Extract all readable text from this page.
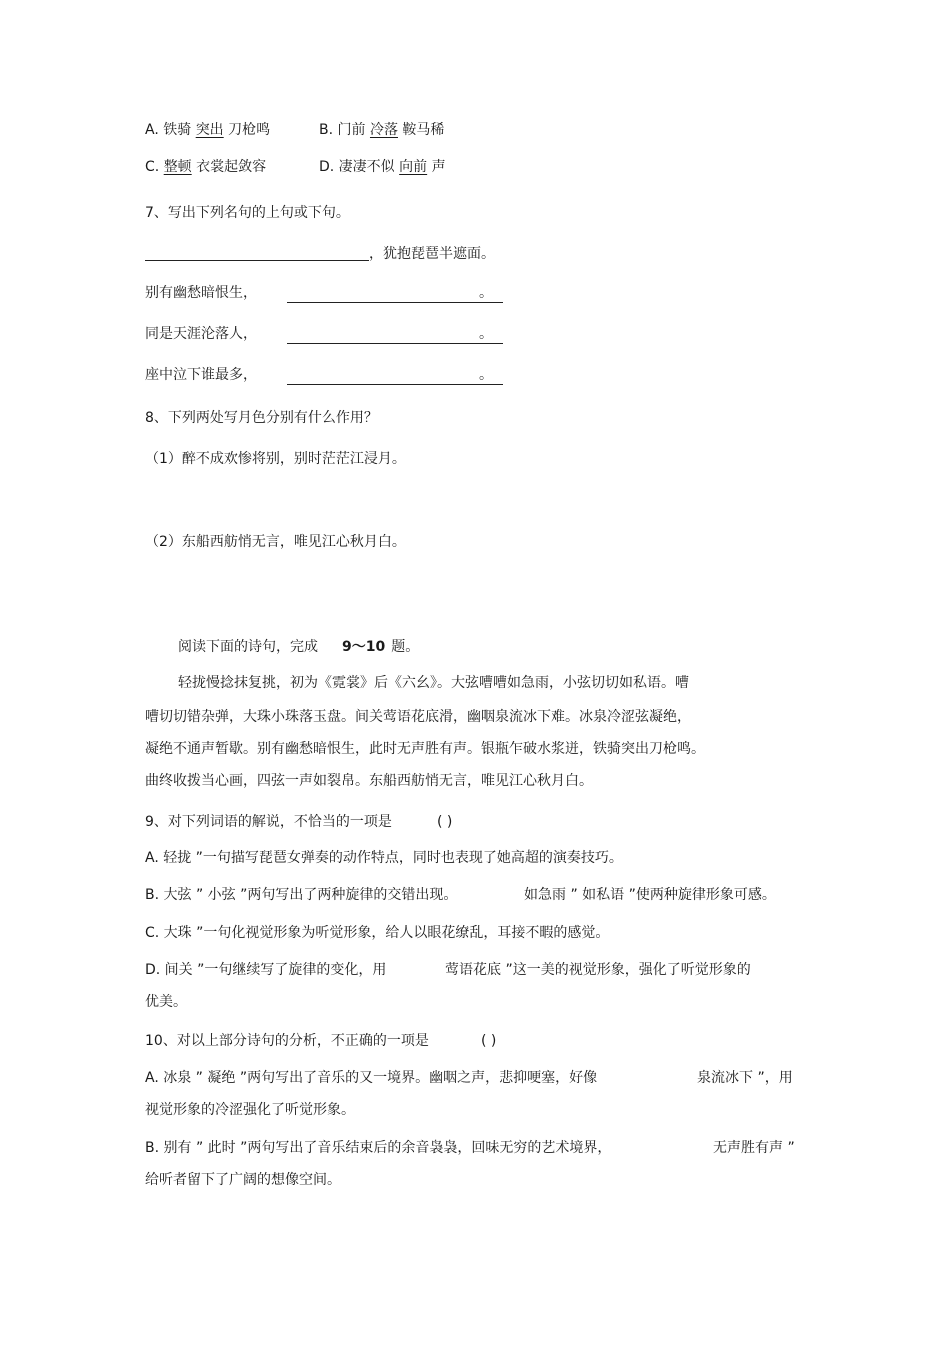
A. 铁骑 突出 刀枪鸣	B. 门前 冷落 鞍马稀
C. 整顿 衣裳起敛容	D. 凄凄不似 向前 声
7、写出下列名句的上句或下句。
，犹抱琵琶半遮面。
别有幽愁暗恨生，	。
同是天涯沦落人，	。
座中泣下谁最多，	。
8、下列两处写月色分别有什么作用？
（1）醉不成欢惨将别，别时茫茫江浸月。
（2）东船西舫悄无言，唯见江心秋月白。
阅读下面的诗句，完成 9～10 题。
轻拢慢捻抹复挑，初为《霓裳》后《六幺》。大弦嘈嘈如急雨，小弦切切如私语。嘈
嘈切切错杂弹，大珠小珠落玉盘。间关莺语花底滑，幽咽泉流冰下难。冰泉冷涩弦凝绝，
凝绝不通声暂歇。别有幽愁暗恨生，此时无声胜有声。银瓶乍破水浆迸，铁骑突出刀枪鸣。
曲终收拨当心画，四弦一声如裂帛。东船西舫悄无言，唯见江心秋月白。
9、对下列词语的解说，不恰当的一项是	( )
A. 轻拢 ”一句描写琵琶女弹奏的动作特点，同时也表现了她高超的演奏技巧。
B. 大弦 ” 小弦 ”两句写出了两种旋律的交错出现。	如急雨 ” 如私语 ”使两种旋律形象可感。
C. 大珠 ”一句化视觉形象为听觉形象，给人以眼花缭乱，耳接不暇的感觉。
D. 间关 ”一句继续写了旋律的变化，用	莺语花底 ”这一美的视觉形象，强化了听觉形象的
优美。
10、对以上部分诗句的分析，不正确的一项是	( )
A. 冰泉 ” 凝绝 ”两句写出了音乐的又一境界。幽咽之声，悲抑哽塞，好像	泉流冰下 ”，用
视觉形象的冷涩强化了听觉形象。
B. 别有 ” 此时 ”两句写出了音乐结束后的余音袅袅，回味无穷的艺术境界，	无声胜有声 ”
给听者留下了广阔的想像空间。
